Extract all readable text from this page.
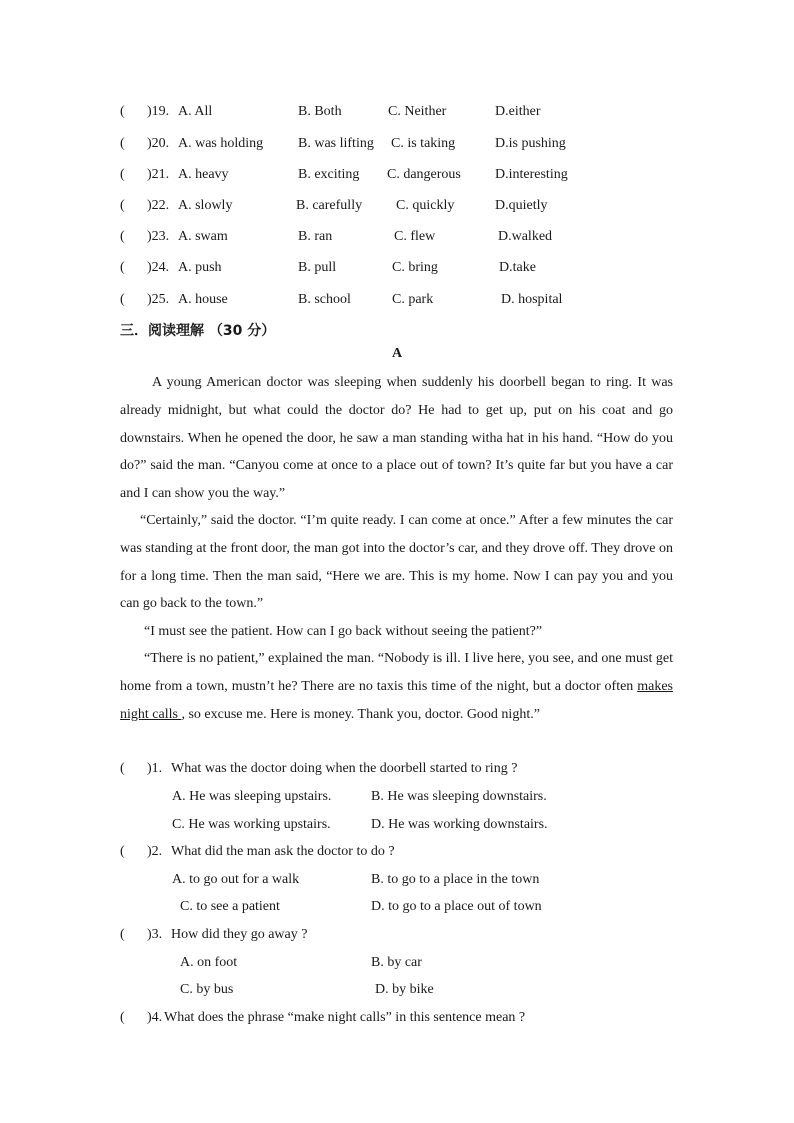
( )19. A. All	B. Both	C. Neither	D.either
( )20. A. was holding B. was lifting C. is taking	D.is pushing
( )21. A. heavy	B. exciting C. dangerous D.interesting
( )22. A. slowly	B. carefully C. quickly	D.quietly
( )23. A. swam	B. ran	C. flew	D.walked
( )24. A. push	B. pull	C. bring	D.take
( )25. A. house	B. school	C. park	D. hospital
三．阅读理解 （30 分）
A
A young American doctor was sleeping when suddenly his doorbell began to ring. It was already midnight, but what could the doctor do? He had to get up, put on his coat and go downstairs. When he opened the door, he saw a man standing witha hat in his hand. “How do you do?” said the man. “Canyou come at once to a place out of town? It’s quite far but you have a car and I can show you the way.”
“Certainly,” said the doctor. “I’m quite ready. I can come at once.” After a few minutes the car was standing at the front door, the man got into the doctor’s car, and they drove off. They drove on for a long time. Then the man said, “Here we are. This is my home. Now I can pay you and you can go back to the town.”
“I must see the patient. How can I go back without seeing the patient?”
“There is no patient,” explained the man. “Nobody is ill. I live here, you see, and one must get home from a town, mustn’t he? There are no taxis this time of the night, but a doctor often makes night calls , so excuse me. Here is money. Thank you, doctor. Good night.”
( )1. What was the doctor doing when the doorbell started to ring ?
A. He was sleeping upstairs.	B. He was sleeping downstairs.
C. He was working upstairs.	D. He was working downstairs.
( )2. What did the man ask the doctor to do ?
A. to go out for a walk	B. to go to a place in the town
C. to see a patient	D. to go to a place out of town
( )3. How did they go away ?
A. on foot	B. by car
C. by bus	D. by bike
( )4. What does the phrase “make night calls” in this sentence mean ?
